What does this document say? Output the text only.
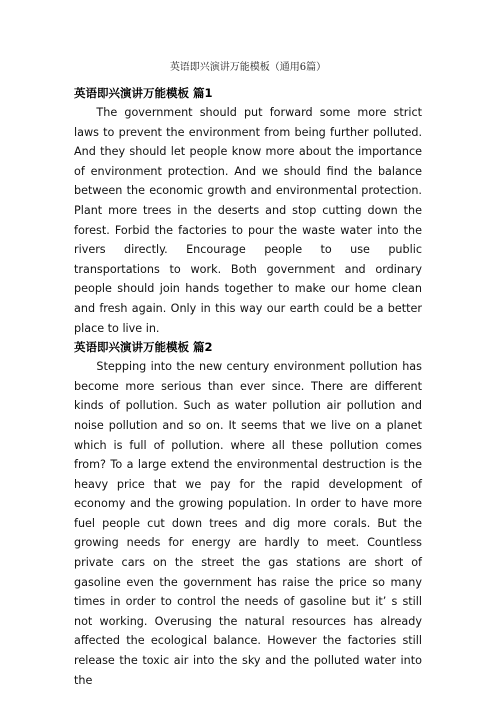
英语即兴演讲万能模板（通用6篇）

英语即兴演讲万能模板 篇1

The government should put forward some more strict laws to prevent the environment from being further polluted. And they should let people know more about the importance of environment protection. And we should find the balance between the economic growth and environmental protection. Plant more trees in the deserts and stop cutting down the forest. Forbid the factories to pour the waste water into the rivers directly. Encourage people to use public transportations to work. Both government and ordinary people should join hands together to make our home clean and fresh again. Only in this way our earth could be a better place to live in.

英语即兴演讲万能模板 篇2

Stepping into the new century environment pollution has become more serious than ever since. There are different kinds of pollution. Such as water pollution air pollution and noise pollution and so on. It seems that we live on a planet which is full of pollution. where all these pollution comes from? To a large extend the environmental destruction is the heavy price that we pay for the rapid development of economy and the growing population. In order to have more fuel people cut down trees and dig more corals. But the growing needs for energy are hardly to meet. Countless private cars on the street the gas stations are short of gasoline even the government has raise the price so many times in order to control the needs of gasoline but it’ s still not working. Overusing the natural resources has already affected the ecological balance. However the factories still release the toxic air into the sky and the polluted water into the
